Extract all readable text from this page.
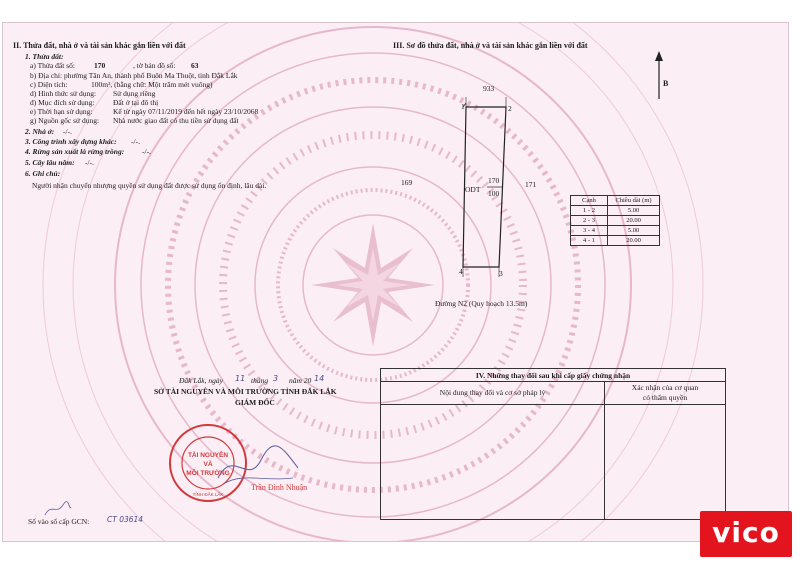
II. Thửa đất, nhà ở và tài sản khác gắn liền với đất
1. Thửa đất:
a) Thửa đất số:	170	, tờ bản đồ số: 63
b) Địa chỉ: phường Tân An, thành phố Buôn Ma Thuột, tỉnh Đắk Lắk
c) Diện tích:	100m², (bằng chữ: Một trăm mét vuông)
d) Hình thức sử dụng: Sử dụng riêng
đ) Mục đích sử dụng: Đất ở tại đô thị
e) Thời hạn sử dụng:	Kể từ ngày 07/11/2019 đến hết ngày 23/10/2068
g) Nguồn gốc sử dụng: Nhà nước giao đất có thu tiền sử dụng đất
2. Nhà ở: -/-.
3. Công trình xây dựng khác: -/-.
4. Rừng sản xuất là rừng trồng: -/-.
5. Cây lâu năm: -/-.
6. Ghi chú:
Người nhận chuyển nhượng quyền sử dụng đất được sử dụng ổn định, lâu dài.
III. Sơ đồ thửa đất, nhà ở và tài sản khác gắn liền với đất
B
933
169	171
1	2
3
4
ODT
170
100
Đường N2 (Quy hoạch 13.5m)
Cạnh	Chiều dài (m)
1 - 2	5.00
2 - 3	20.00
3 - 4	5.00
4 - 1	20.00
Đắk Lắk, ngày 11 tháng 3 năm 20 14
SỞ TÀI NGUYÊN VÀ MÔI TRƯỜNG TỈNH ĐẮK LẮK
GIÁM ĐỐC
TÀI NGUYÊN
VÀ
MÔI TRƯỜNG
TỈNH ĐẮK LẮK
Trần Đình Nhuận
Số vào sổ cấp GCN: CT 03614
IV. Những thay đổi sau khi cấp giấy chứng nhận
Nội dung thay đổi và cơ sở pháp lý
Xác nhận của cơ quan
có thẩm quyền
vico
